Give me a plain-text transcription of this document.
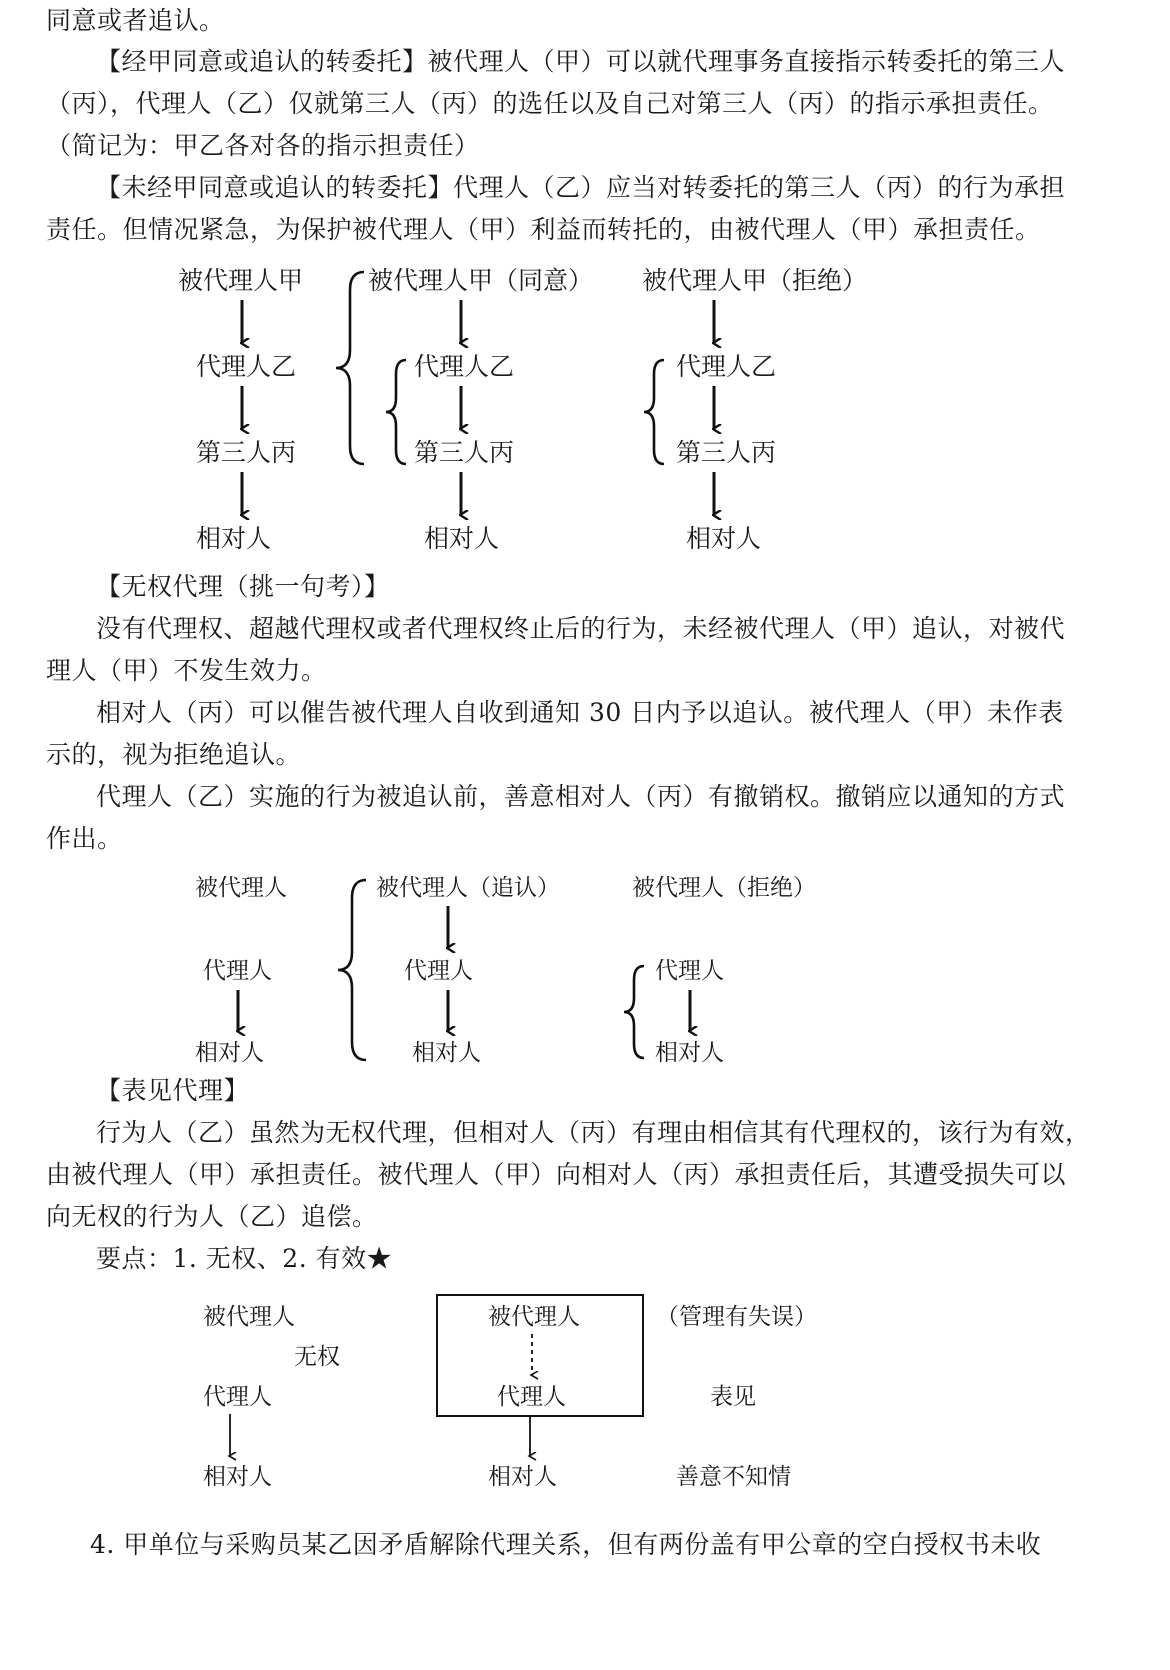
同意或者追认。
【经甲同意或追认的转委托】被代理人（甲）可以就代理事务直接指示转委托的第三人
（丙），代理人（乙）仅就第三人（丙）的选任以及自己对第三人（丙）的指示承担责任。
（简记为：甲乙各对各的指示担责任）
【未经甲同意或追认的转委托】代理人（乙）应当对转委托的第三人（丙）的行为承担
责任。但情况紧急，为保护被代理人（甲）利益而转托的，由被代理人（甲）承担责任。
被代理人甲
代理人乙
第三人丙
相对人
被代理人甲（同意）
代理人乙
第三人丙
相对人
被代理人甲（拒绝）
代理人乙
第三人丙
相对人
【无权代理（挑一句考）】
没有代理权、超越代理权或者代理权终止后的行为，未经被代理人（甲）追认，对被代
理人（甲）不发生效力。
相对人（丙）可以催告被代理人自收到通知 30 日内予以追认。被代理人（甲）未作表
示的，视为拒绝追认。
代理人（乙）实施的行为被追认前，善意相对人（丙）有撤销权。撤销应以通知的方式
作出。
被代理人
代理人
相对人
被代理人（追认）
代理人
相对人
被代理人（拒绝）
代理人
相对人
【表见代理】
行为人（乙）虽然为无权代理，但相对人（丙）有理由相信其有代理权的，该行为有效，
由被代理人（甲）承担责任。被代理人（甲）向相对人（丙）承担责任后，其遭受损失可以
向无权的行为人（乙）追偿。
要点：1. 无权、2. 有效★
被代理人
无权
代理人
相对人
被代理人
代理人
相对人
（管理有失误）
表见
善意不知情
4. 甲单位与采购员某乙因矛盾解除代理关系，但有两份盖有甲公章的空白授权书未收
